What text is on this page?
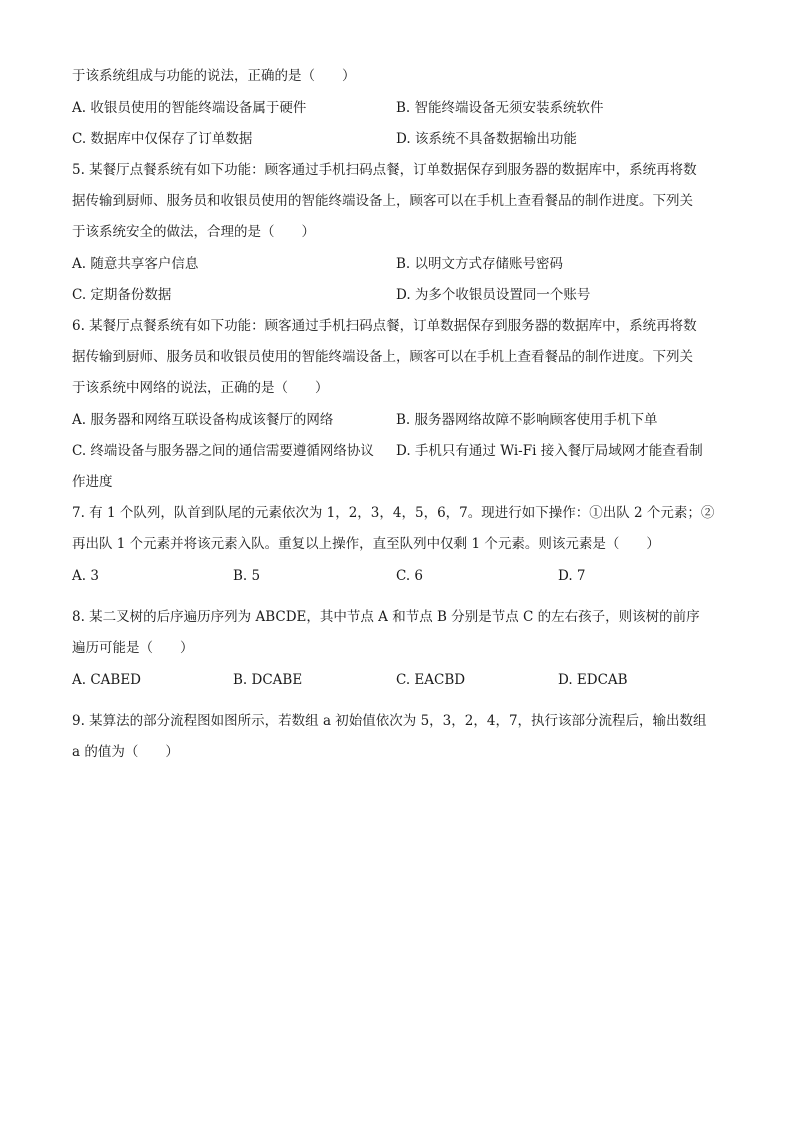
于该系统组成与功能的说法，正确的是（　　）
A. 收银员使用的智能终端设备属于硬件	B. 智能终端设备无须安装系统软件
C. 数据库中仅保存了订单数据	D. 该系统不具备数据输出功能
5. 某餐厅点餐系统有如下功能：顾客通过手机扫码点餐，订单数据保存到服务器的数据库中，系统再将数
据传输到厨师、服务员和收银员使用的智能终端设备上，顾客可以在手机上查看餐品的制作进度。下列关
于该系统安全的做法，合理的是（　　）
A. 随意共享客户信息	B. 以明文方式存储账号密码
C. 定期备份数据	D. 为多个收银员设置同一个账号
6. 某餐厅点餐系统有如下功能：顾客通过手机扫码点餐，订单数据保存到服务器的数据库中，系统再将数
据传输到厨师、服务员和收银员使用的智能终端设备上，顾客可以在手机上查看餐品的制作进度。下列关
于该系统中网络的说法，正确的是（　　）
A. 服务器和网络互联设备构成该餐厅的网络	B. 服务器网络故障不影响顾客使用手机下单
C. 终端设备与服务器之间的通信需要遵循网络协议 D. 手机只有通过 Wi-Fi 接入餐厅局域网才能查看制
作进度
7. 有 1 个队列，队首到队尾的元素依次为 1，2，3，4，5，6，7。现进行如下操作：①出队 2 个元素；②
再出队 1 个元素并将该元素入队。重复以上操作，直至队列中仅剩 1 个元素。则该元素是（　　）
A. 3	B. 5	C. 6	D. 7
8. 某二叉树的后序遍历序列为 ABCDE，其中节点 A 和节点 B 分别是节点 C 的左右孩子，则该树的前序
遍历可能是（　　）
A. CABED	B. DCABE	C. EACBD	D. EDCAB
9. 某算法的部分流程图如图所示，若数组 a 初始值依次为 5，3，2，4，7，执行该部分流程后，输出数组
a 的值为（　　）
